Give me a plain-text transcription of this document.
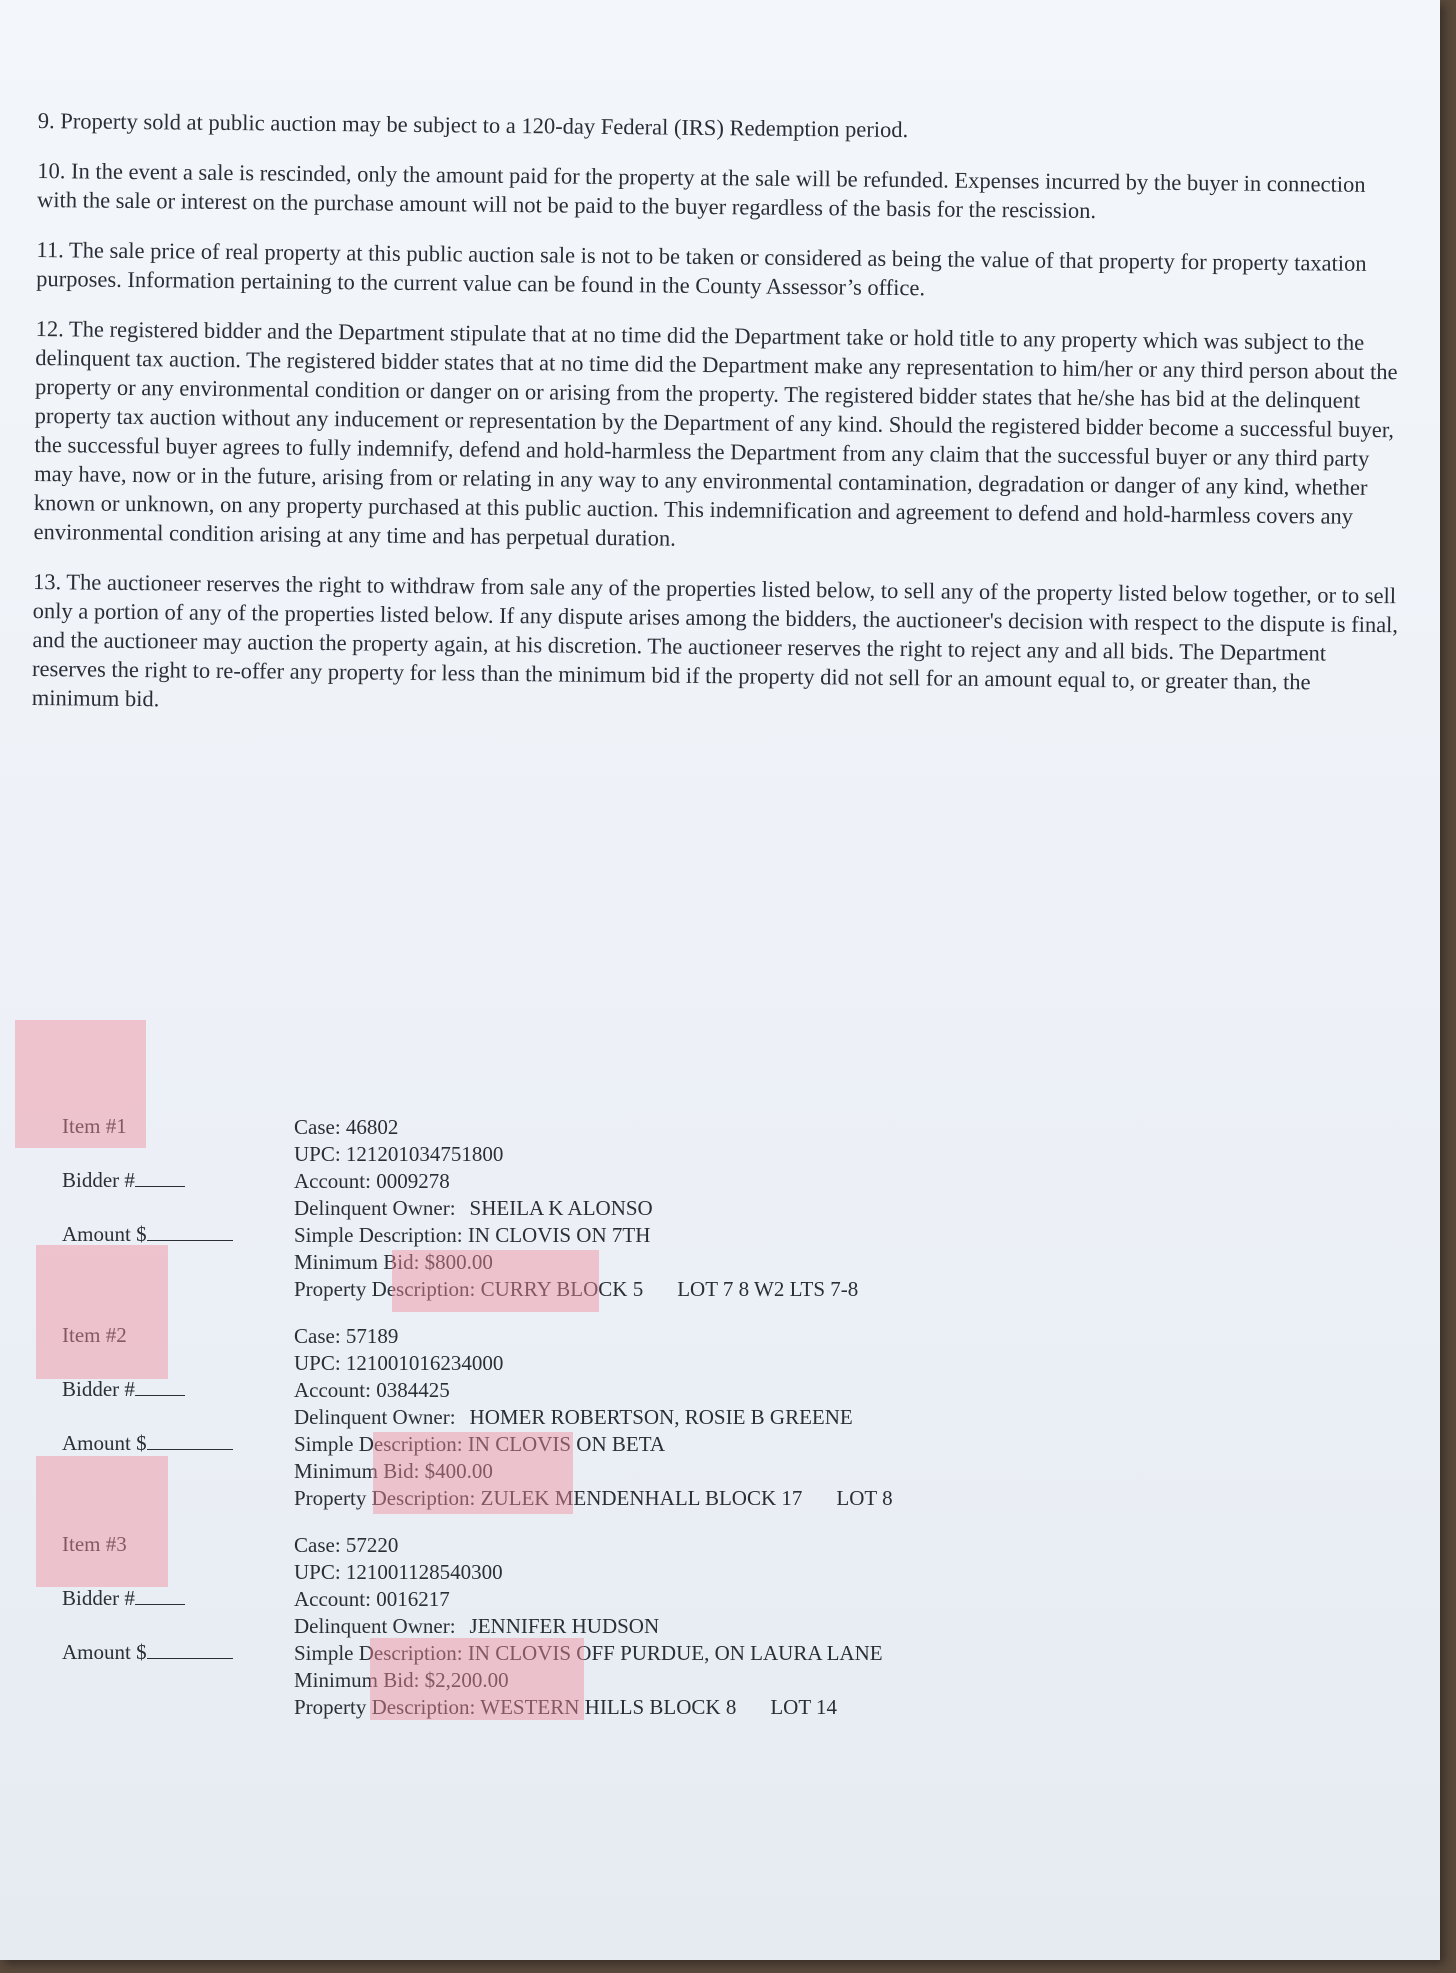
9. Property sold at public auction may be subject to a 120-day Federal (IRS) Redemption period.

10. In the event a sale is rescinded, only the amount paid for the property at the sale will be refunded. Expenses incurred by the buyer in connection with the sale or interest on the purchase amount will not be paid to the buyer regardless of the basis for the rescission.

11. The sale price of real property at this public auction sale is not to be taken or considered as being the value of that property for property taxation purposes. Information pertaining to the current value can be found in the County Assessor’s office.

12. The registered bidder and the Department stipulate that at no time did the Department take or hold title to any property which was subject to the delinquent tax auction. The registered bidder states that at no time did the Department make any representation to him/her or any third person about the property or any environmental condition or danger on or arising from the property. The registered bidder states that he/she has bid at the delinquent property tax auction without any inducement or representation by the Department of any kind. Should the registered bidder become a successful buyer, the successful buyer agrees to fully indemnify, defend and hold-harmless the Department from any claim that the successful buyer or any third party may have, now or in the future, arising from or relating in any way to any environmental contamination, degradation or danger of any kind, whether known or unknown, on any property purchased at this public auction. This indemnification and agreement to defend and hold-harmless covers any environmental condition arising at any time and has perpetual duration.

13. The auctioneer reserves the right to withdraw from sale any of the properties listed below, to sell any of the property listed below together, or to sell only a portion of any of the properties listed below. If any dispute arises among the bidders, the auctioneer's decision with respect to the dispute is final, and the auctioneer may auction the property again, at his discretion. The auctioneer reserves the right to reject any and all bids. The Department reserves the right to re-offer any property for less than the minimum bid if the property did not sell for an amount equal to, or greater than, the minimum bid.

Item #1
Bidder #
Amount $
Case: 46802
UPC: 121201034751800
Account: 0009278
Delinquent Owner: SHEILA K ALONSO
Simple Description: IN CLOVIS ON 7TH
Minimum Bid: $800.00
Property Description: CURRY BLOCK 5 LOT 7 8 W2 LTS 7-8
Item #2
Bidder #
Amount $
Case: 57189
UPC: 121001016234000
Account: 0384425
Delinquent Owner: HOMER ROBERTSON, ROSIE B GREENE
Simple Description: IN CLOVIS ON BETA
Minimum Bid: $400.00
Property Description: ZULEK MENDENHALL BLOCK 17 LOT 8
Item #3
Bidder #
Amount $
Case: 57220
UPC: 121001128540300
Account: 0016217
Delinquent Owner: JENNIFER HUDSON
Simple Description: IN CLOVIS OFF PURDUE, ON LAURA LANE
Minimum Bid: $2,200.00
Property Description: WESTERN HILLS BLOCK 8 LOT 14
